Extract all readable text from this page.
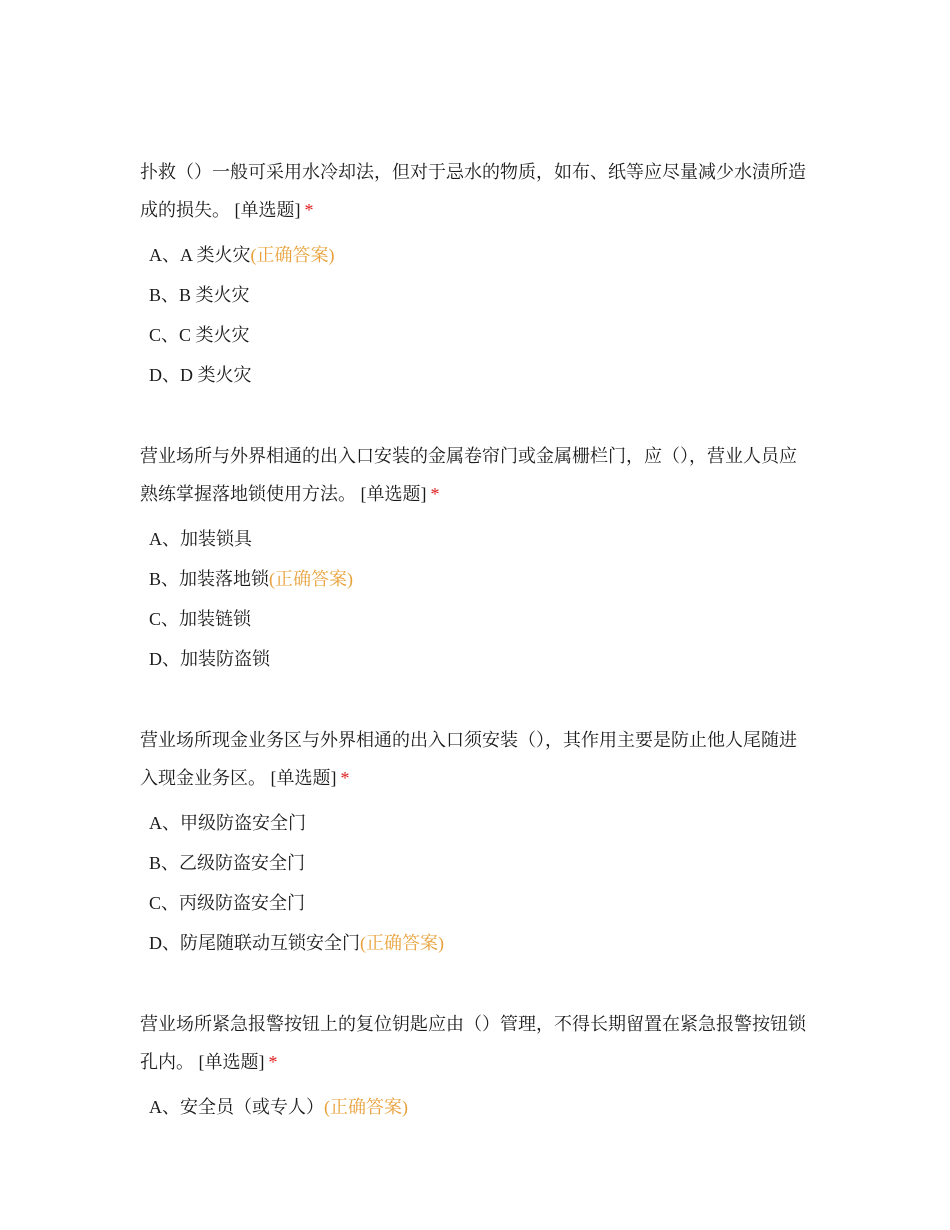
扑救（）一般可采用水冷却法，但对于忌水的物质，如布、纸等应尽量减少水渍所造成的损失。 [单选题] *

A、A 类火灾(正确答案)
B、B 类火灾
C、C 类火灾
D、D 类火灾

营业场所与外界相通的出入口安装的金属卷帘门或金属栅栏门，应（），营业人员应熟练掌握落地锁使用方法。 [单选题] *

A、加装锁具
B、加装落地锁(正确答案)
C、加装链锁
D、加装防盗锁

营业场所现金业务区与外界相通的出入口须安装（），其作用主要是防止他人尾随进入现金业务区。 [单选题] *

A、甲级防盗安全门
B、乙级防盗安全门
C、丙级防盗安全门
D、防尾随联动互锁安全门(正确答案)

营业场所紧急报警按钮上的复位钥匙应由（）管理，不得长期留置在紧急报警按钮锁孔内。 [单选题] *

A、安全员（或专人）(正确答案)
